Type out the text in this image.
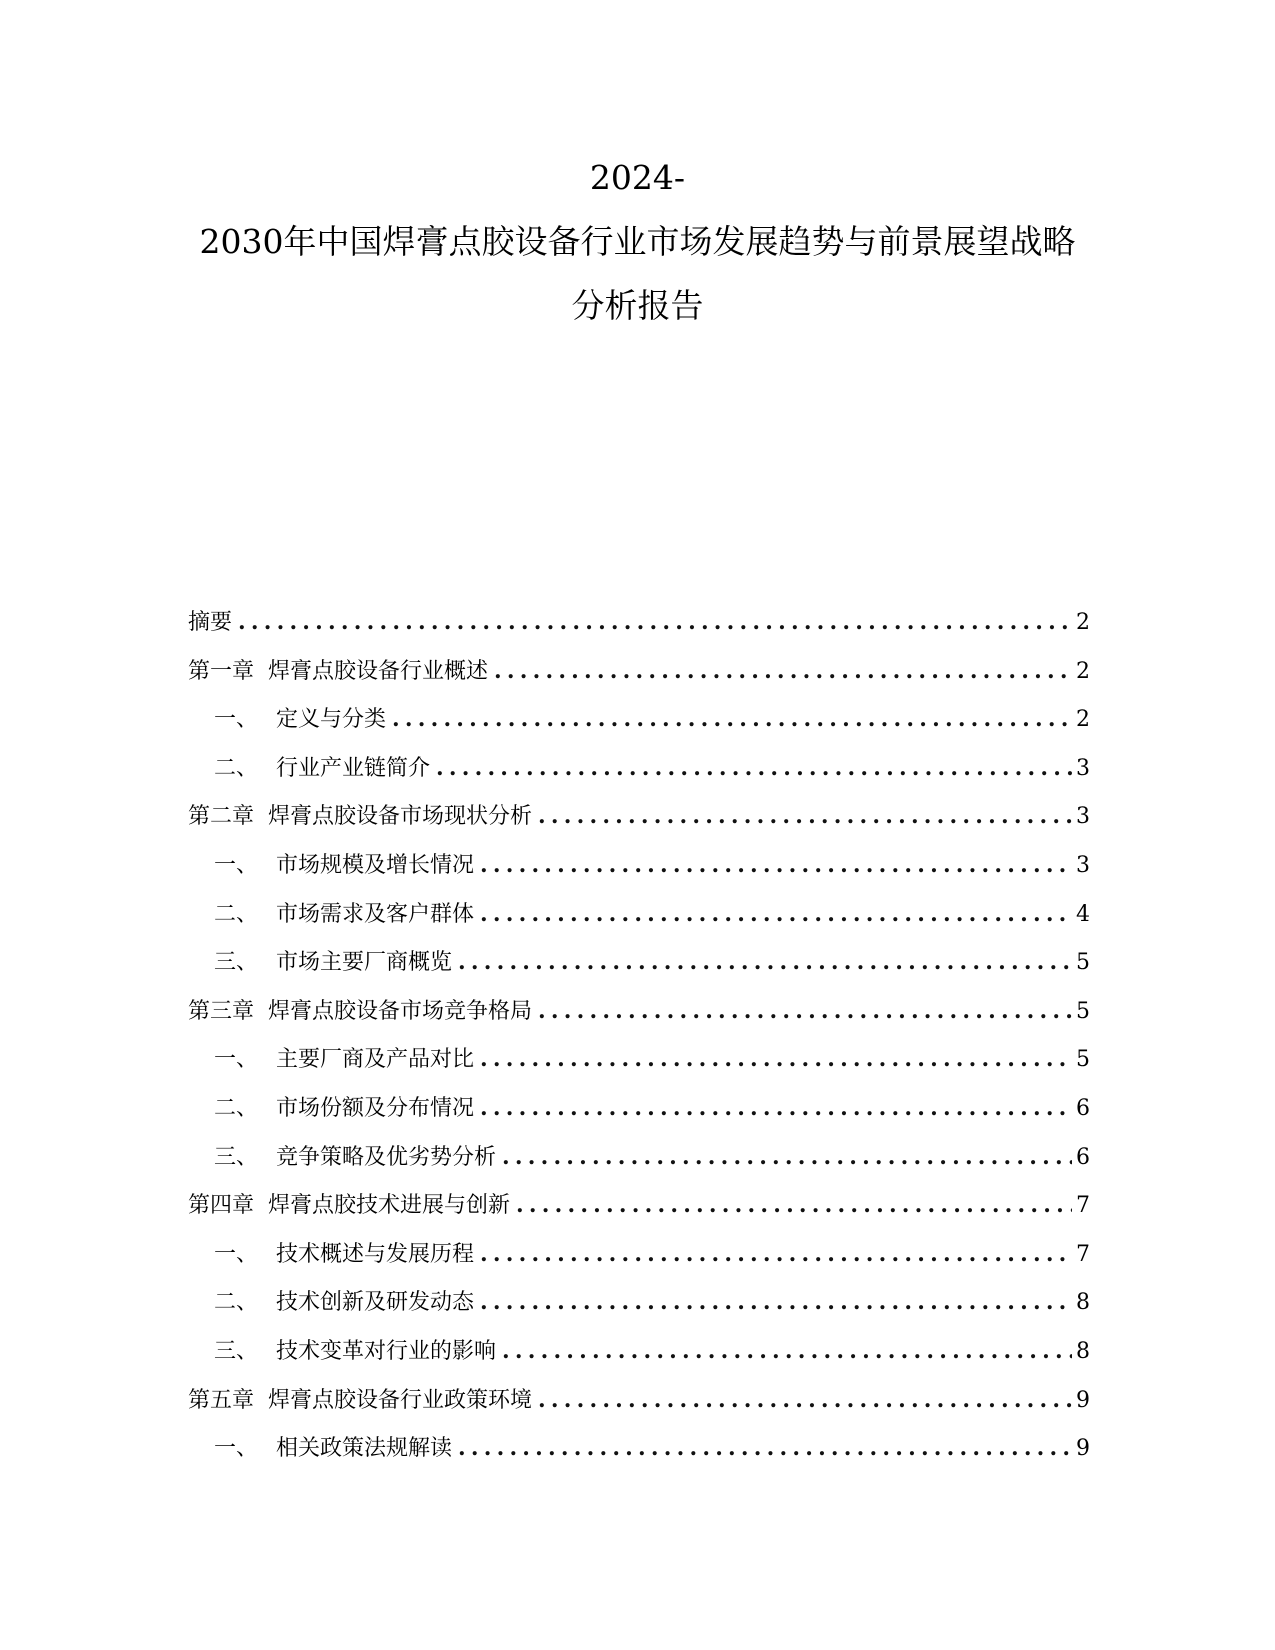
2024-
2030年中国焊膏点胶设备行业市场发展趋势与前景展望战略
分析报告
摘要 .....	2
第一章 焊膏点胶设备行业概述 .....	2
一、 定义与分类 .....	2
二、 行业产业链简介 .....	3
第二章 焊膏点胶设备市场现状分析 .....	3
一、 市场规模及增长情况 .....	3
二、 市场需求及客户群体 .....	4
三、 市场主要厂商概览 .....	5
第三章 焊膏点胶设备市场竞争格局 .....	5
一、 主要厂商及产品对比 .....	5
二、 市场份额及分布情况 .....	6
三、 竞争策略及优劣势分析 .....	6
第四章 焊膏点胶技术进展与创新 .....	7
一、 技术概述与发展历程 .....	7
二、 技术创新及研发动态 .....	8
三、 技术变革对行业的影响 .....	8
第五章 焊膏点胶设备行业政策环境 .....	9
一、 相关政策法规解读 .....	9
